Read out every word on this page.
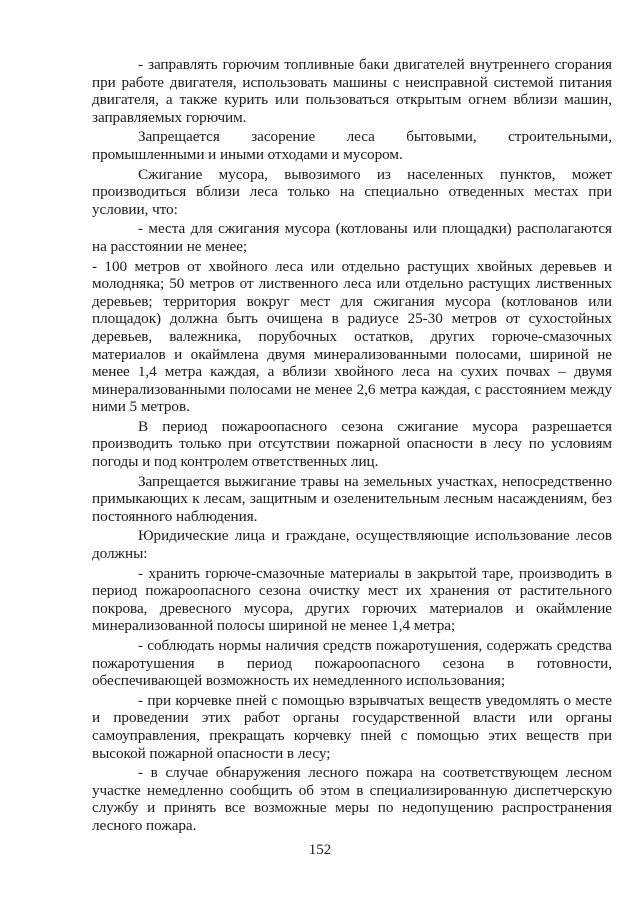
- заправлять горючим топливные баки двигателей внутреннего сгорания при работе двигателя, использовать машины с неисправной системой питания двигателя, а также курить или пользоваться открытым огнем вблизи машин, заправляемых горючим.

Запрещается засорение леса бытовыми, строительными, промышленными и иными отходами и мусором.

Сжигание мусора, вывозимого из населенных пунктов, может производиться вблизи леса только на специально отведенных местах при условии, что:

- места для сжигания мусора (котлованы или площадки) располагаются на расстоянии не менее;

- 100 метров от хвойного леса или отдельно растущих хвойных деревьев и молодняка; 50 метров от лиственного леса или отдельно растущих лиственных деревьев; территория вокруг мест для сжигания мусора (котлованов или площадок) должна быть очищена в радиусе 25-30 метров от сухостойных деревьев, валежника, порубочных остатков, других горюче-смазочных материалов и окаймлена двумя минерализованными полосами, шириной не менее 1,4 метра каждая, а вблизи хвойного леса на сухих почвах – двумя минерализованными полосами не менее 2,6 метра каждая, с расстоянием между ними 5 метров.

В период пожароопасного сезона сжигание мусора разрешается производить только при отсутствии пожарной опасности в лесу по условиям погоды и под контролем ответственных лиц.

Запрещается выжигание травы на земельных участках, непосредственно примыкающих к лесам, защитным и озеленительным лесным насаждениям, без постоянного наблюдения.

Юридические лица и граждане, осуществляющие использование лесов должны:

- хранить горюче-смазочные материалы в закрытой таре, производить в период пожароопасного сезона очистку мест их хранения от растительного покрова, древесного мусора, других горючих материалов и окаймление минерализованной полосы шириной не менее 1,4 метра;

- соблюдать нормы наличия средств пожаротушения, содержать средства пожаротушения в период пожароопасного сезона в готовности, обеспечивающей возможность их немедленного использования;

- при корчевке пней с помощью взрывчатых веществ уведомлять о месте и проведении этих работ органы государственной власти или органы самоуправления, прекращать корчевку пней с помощью этих веществ при высокой пожарной опасности в лесу;

- в случае обнаружения лесного пожара на соответствующем лесном участке немедленно сообщить об этом в специализированную диспетчерскую службу и принять все возможные меры по недопущению распространения лесного пожара.

152
